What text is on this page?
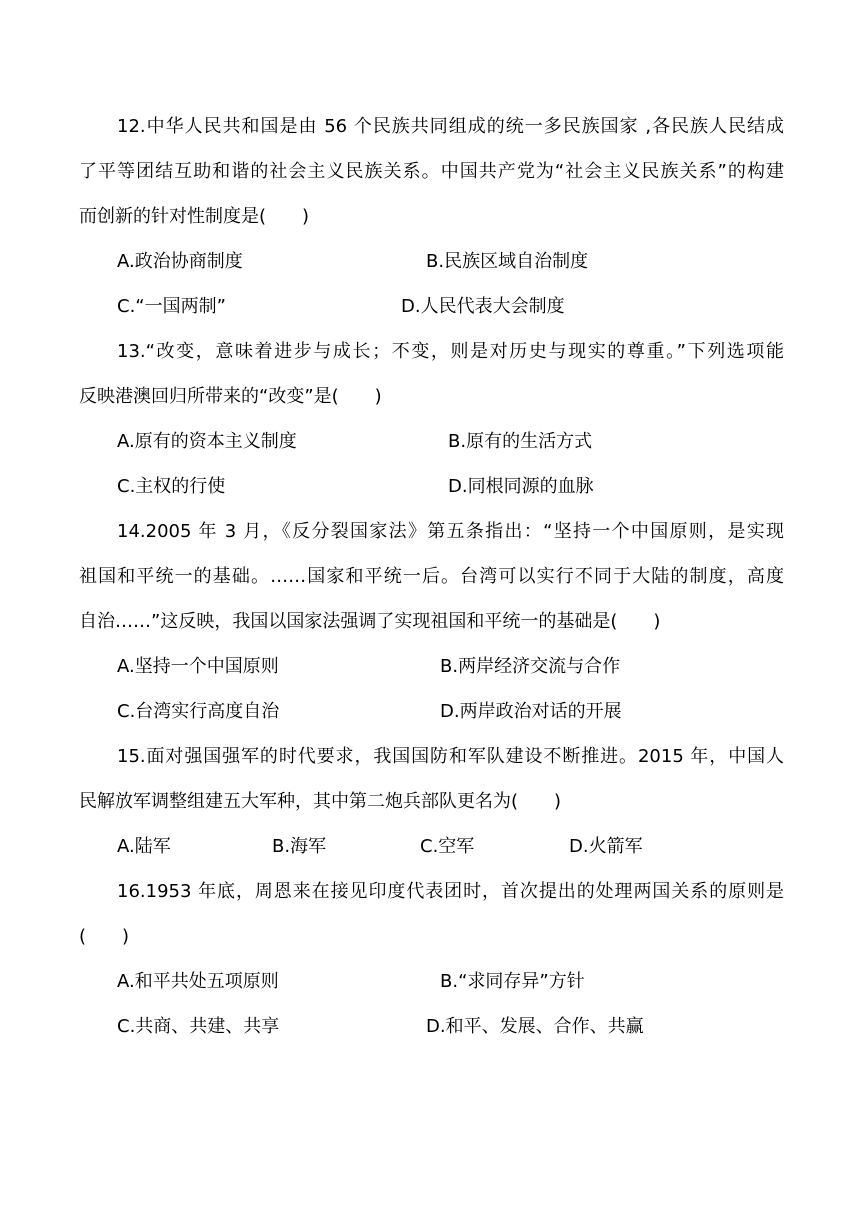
12.中华人民共和国是由 56 个民族共同组成的统一多民族国家 ,各民族人民结成
了平等团结互助和谐的社会主义民族关系。中国共产党为“社会主义民族关系”的构建
而创新的针对性制度是(　　)
A.政治协商制度	B.民族区域自治制度
C.“一国两制”	D.人民代表大会制度
13.“改变，意味着进步与成长；不变，则是对历史与现实的尊重。”下列选项能
反映港澳回归所带来的“改变”是(　　)
A.原有的资本主义制度	B.原有的生活方式
C.主权的行使	D.同根同源的血脉
14.2005 年 3 月，《反分裂国家法》第五条指出：“坚持一个中国原则，是实现
祖国和平统一的基础。……国家和平统一后。台湾可以实行不同于大陆的制度，高度
自治……”这反映，我国以国家法强调了实现祖国和平统一的基础是(　　)
A.坚持一个中国原则	B.两岸经济交流与合作
C.台湾实行高度自治	D.两岸政治对话的开展
15.面对强国强军的时代要求，我国国防和军队建设不断推进。2015 年，中国人
民解放军调整组建五大军种，其中第二炮兵部队更名为(　　)
A.陆军	B.海军	C.空军	D.火箭军
16.1953 年底，周恩来在接见印度代表团时，首次提出的处理两国关系的原则是
(　　)
A.和平共处五项原则	B.“求同存异”方针
C.共商、共建、共享	D.和平、发展、合作、共赢
